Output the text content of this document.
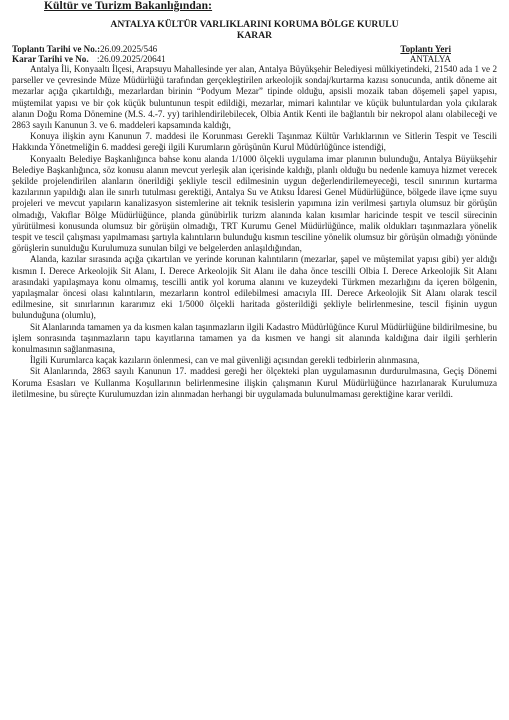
Kültür ve Turizm Bakanlığından:
ANTALYA KÜLTÜR VARLIKLARINI KORUMA BÖLGE KURULU
KARAR
Toplantı Tarihi ve No.:26.09.2025/546	Toplantı Yeri
Karar Tarihi ve No. :26.09.2025/20641	ANTALYA

Antalya İli, Konyaaltı İlçesi, Arapsuyu Mahallesinde yer alan, Antalya Büyükşehir Belediyesi mülkiyetindeki, 21540 ada 1 ve 2 parseller ve çevresinde Müze Müdürlüğü tarafından gerçekleştirilen arkeolojik sondaj/kurtarma kazısı sonucunda, antik döneme ait mezarlar açığa çıkartıldığı, mezarlardan birinin “Podyum Mezar” tipinde olduğu, apsisli mozaik taban döşemeli şapel yapısı, müştemilat yapısı ve bir çok küçük buluntunun tespit edildiği, mezarlar, mimari kalıntılar ve küçük buluntulardan yola çıkılarak alanın Doğu Roma Dönemine (M.S. 4.-7. yy) tarihlendirilebilecek, Olbia Antik Kenti ile bağlantılı bir nekropol alanı olabileceği ve 2863 sayılı Kanunun 3. ve 6. maddeleri kapsamında kaldığı,

Konuya ilişkin aynı Kanunun 7. maddesi ile Korunması Gerekli Taşınmaz Kültür Varlıklarının ve Sitlerin Tespit ve Tescili Hakkında Yönetmeliğin 6. maddesi gereği ilgili Kurumların görüşünün Kurul Müdürlüğünce istendiği,

Konyaaltı Belediye Başkanlığınca bahse konu alanda 1/1000 ölçekli uygulama imar planının bulunduğu, Antalya Büyükşehir Belediye Başkanlığınca, söz konusu alanın mevcut yerleşik alan içerisinde kaldığı, planlı olduğu bu nedenle kamuya hizmet verecek şekilde projelendirilen alanların önerildiği şekliyle tescil edilmesinin uygun değerlendirilemeyeceği, tescil sınırının kurtarma kazılarının yapıldığı alan ile sınırlı tutulması gerektiği, Antalya Su ve Atıksu İdaresi Genel Müdürlüğünce, bölgede ilave içme suyu projeleri ve mevcut yapıların kanalizasyon sistemlerine ait teknik tesislerin yapımına izin verilmesi şartıyla olumsuz bir görüşün olmadığı, Vakıflar Bölge Müdürlüğünce, planda günübirlik turizm alanında kalan kısımlar haricinde tespit ve tescil sürecinin yürütülmesi konusunda olumsuz bir görüşün olmadığı, TRT Kurumu Genel Müdürlüğünce, malik oldukları taşınmazlara yönelik tespit ve tescil çalışması yapılmaması şartıyla kalıntıların bulunduğu kısmın tesciline yönelik olumsuz bir görüşün olmadığı yönünde görüşlerin sunulduğu Kurulumuza sunulan bilgi ve belgelerden anlaşıldığından,

Alanda, kazılar sırasında açığa çıkartılan ve yerinde korunan kalıntıların (mezarlar, şapel ve müştemilat yapısı gibi) yer aldığı kısmın I. Derece Arkeolojik Sit Alanı, I. Derece Arkeolojik Sit Alanı ile daha önce tescilli Olbia I. Derece Arkeolojik Sit Alanı arasındaki yapılaşmaya konu olmamış, tescilli antik yol koruma alanını ve kuzeydeki Türkmen mezarlığını da içeren bölgenin, yapılaşmalar öncesi olası kalıntıların, mezarların kontrol edilebilmesi amacıyla III. Derece Arkeolojik Sit Alanı olarak tescil edilmesine, sit sınırlarının kararımız eki 1/5000 ölçekli haritada gösterildiği şekliyle belirlenmesine, tescil fişinin uygun bulunduğuna (olumlu),

Sit Alanlarında tamamen ya da kısmen kalan taşınmazların ilgili Kadastro Müdürlüğünce Kurul Müdürlüğüne bildirilmesine, bu işlem sonrasında taşınmazların tapu kayıtlarına tamamen ya da kısmen ve hangi sit alanında kaldığına dair ilgili şerhlerin konulmasının sağlanmasına,

İlgili Kurumlarca kaçak kazıların önlenmesi, can ve mal güvenliği açısından gerekli tedbirlerin alınmasına,

Sit Alanlarında, 2863 sayılı Kanunun 17. maddesi gereği her ölçekteki plan uygulamasının durdurulmasına, Geçiş Dönemi Koruma Esasları ve Kullanma Koşullarının belirlenmesine ilişkin çalışmanın Kurul Müdürlüğünce hazırlanarak Kurulumuza iletilmesine, bu süreçte Kurulumuzdan izin alınmadan herhangi bir uygulamada bulunulmaması gerektiğine karar verildi.
